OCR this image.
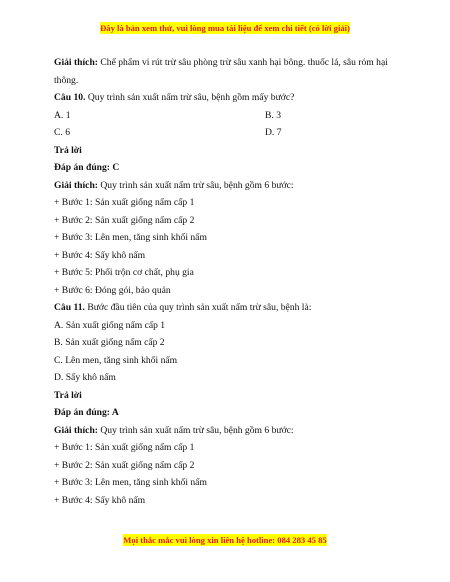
Đây là bản xem thử, vui lòng mua tài liệu để xem chi tiết (có lời giải)
Giải thích: Chế phẩm vi rút trừ sâu phòng trừ sâu xanh hại bông. thuốc lá, sâu róm hại thông.
Câu 10. Quy trình sản xuất nấm trừ sâu, bệnh gồm mấy bước?
A. 1	B. 3
C. 6	D. 7
Trả lời
Đáp án đúng: C
Giải thích: Quy trình sản xuất nấm trừ sâu, bệnh gồm 6 bước:
+ Bước 1: Sản xuất giống nấm cấp 1
+ Bước 2: Sản xuất giống nấm cấp 2
+ Bước 3: Lên men, tăng sinh khối nấm
+ Bước 4: Sấy khô nấm
+ Bước 5: Phối trộn cơ chất, phụ gia
+ Bước 6: Đóng gói, bảo quản
Câu 11. Bước đầu tiên của quy trình sản xuất nấm trừ sâu, bệnh là:
A. Sản xuất giống nấm cấp 1
B. Sản xuất giống nấm cấp 2
C. Lên men, tăng sinh khối nấm
D. Sấy khô nấm
Trả lời
Đáp án đúng: A
Giải thích: Quy trình sản xuất nấm trừ sâu, bệnh gồm 6 bước:
+ Bước 1: Sản xuất giống nấm cấp 1
+ Bước 2: Sản xuất giống nấm cấp 2
+ Bước 3: Lên men, tăng sinh khối nấm
+ Bước 4: Sấy khô nấm
Mọi thắc mắc vui lòng xin liên hệ hotline: 084 283 45 85
